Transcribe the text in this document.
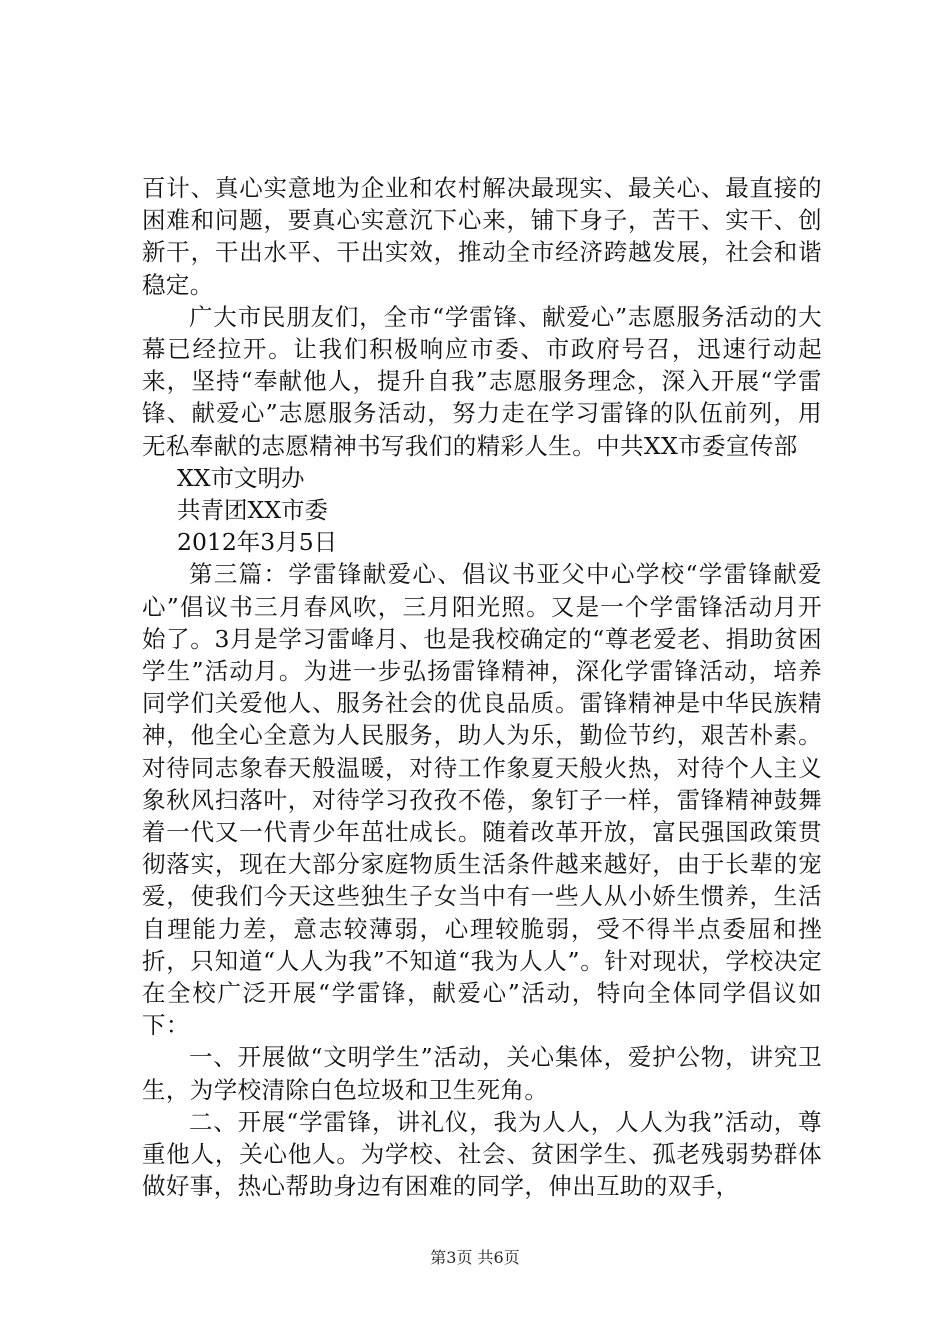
百计、真心实意地为企业和农村解决最现实、最关心、最直接的困难和问题，要真心实意沉下心来，铺下身子，苦干、实干、创新干，干出水平、干出实效，推动全市经济跨越发展，社会和谐稳定。

广大市民朋友们，全市“学雷锋、献爱心”志愿服务活动的大幕已经拉开。让我们积极响应市委、市政府号召，迅速行动起来，坚持“奉献他人，提升自我”志愿服务理念，深入开展“学雷锋、献爱心”志愿服务活动，努力走在学习雷锋的队伍前列，用无私奉献的志愿精神书写我们的精彩人生。中共XX市委宣传部

XX市文明办

共青团XX市委

2012年3月5日

第三篇：学雷锋献爱心、倡议书亚父中心学校“学雷锋献爱心”倡议书三月春风吹，三月阳光照。又是一个学雷锋活动月开始了。3月是学习雷峰月、也是我校确定的“尊老爱老、捐助贫困学生”活动月。为进一步弘扬雷锋精神，深化学雷锋活动，培养同学们关爱他人、服务社会的优良品质。雷锋精神是中华民族精神，他全心全意为人民服务，助人为乐，勤俭节约，艰苦朴素。对待同志象春天般温暖，对待工作象夏天般火热，对待个人主义象秋风扫落叶，对待学习孜孜不倦，象钉子一样，雷锋精神鼓舞着一代又一代青少年茁壮成长。随着改革开放，富民强国政策贯彻落实，现在大部分家庭物质生活条件越来越好，由于长辈的宠爱，使我们今天这些独生子女当中有一些人从小娇生惯养，生活自理能力差，意志较薄弱，心理较脆弱，受不得半点委屈和挫折，只知道“人人为我”不知道“我为人人”。针对现状，学校决定在全校广泛开展“学雷锋，献爱心”活动，特向全体同学倡议如下：

一、开展做“文明学生”活动，关心集体，爱护公物，讲究卫生，为学校清除白色垃圾和卫生死角。

二、开展“学雷锋，讲礼仪，我为人人，人人为我”活动，尊重他人，关心他人。为学校、社会、贫困学生、孤老残弱势群体做好事，热心帮助身边有困难的同学，伸出互助的双手，

第3页 共6页
